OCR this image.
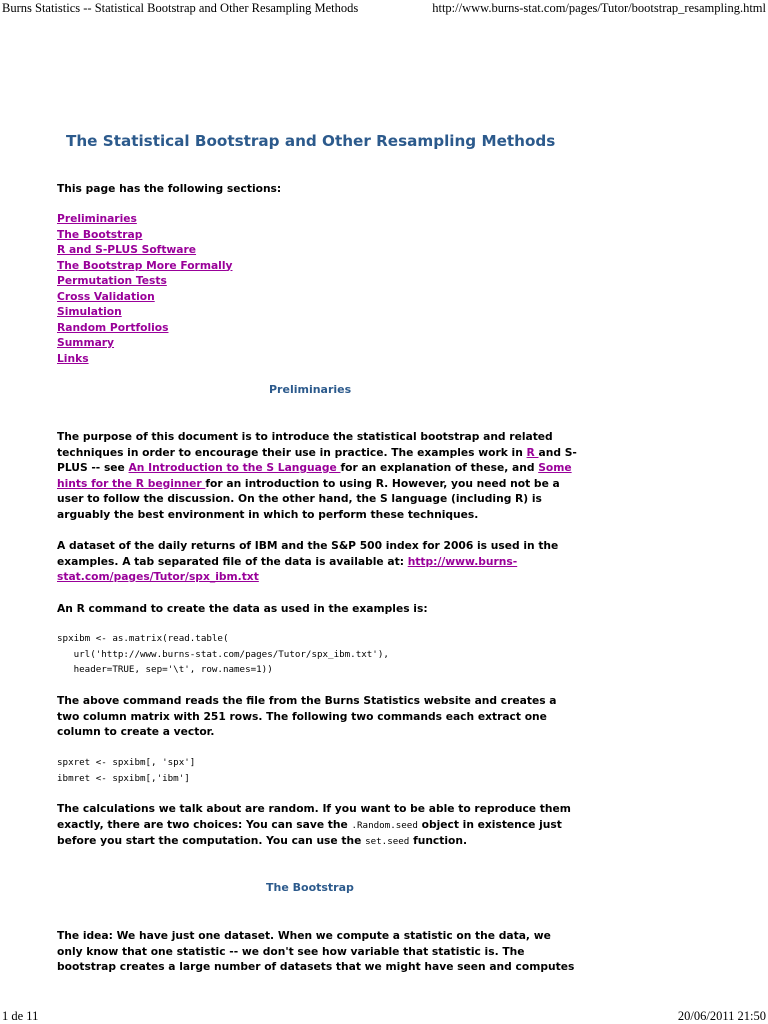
Burns Statistics -- Statistical Bootstrap and Other Resampling Methods	http://www.burns-stat.com/pages/Tutor/bootstrap_resampling.html
The Statistical Bootstrap and Other Resampling Methods

This page has the following sections:

Preliminaries
The Bootstrap
R and S-PLUS Software
The Bootstrap More Formally
Permutation Tests
Cross Validation
Simulation
Random Portfolios
Summary
Links
Preliminaries

The purpose of this document is to introduce the statistical bootstrap and related techniques in order to encourage their use in practice. The examples work in R and S-PLUS -- see An Introduction to the S Language for an explanation of these, and Some hints for the R beginner for an introduction to using R. However, you need not be a user to follow the discussion. On the other hand, the S language (including R) is arguably the best environment in which to perform these techniques.

A dataset of the daily returns of IBM and the S&P 500 index for 2006 is used in the examples. A tab separated file of the data is available at: http://www.burns-stat.com/pages/Tutor/spx_ibm.txt

An R command to create the data as used in the examples is:

spxibm <- as.matrix(read.table(
url('http://www.burns-stat.com/pages/Tutor/spx_ibm.txt'),
header=TRUE, sep='\t', row.names=1))

The above command reads the file from the Burns Statistics website and creates a two column matrix with 251 rows. The following two commands each extract one column to create a vector.

spxret <- spxibm[, 'spx']
ibmret <- spxibm[,'ibm']

The calculations we talk about are random. If you want to be able to reproduce them exactly, there are two choices: You can save the .Random.seed object in existence just before you start the computation. You can use the set.seed function.

The Bootstrap

The idea: We have just one dataset. When we compute a statistic on the data, we only know that one statistic -- we don't see how variable that statistic is. The bootstrap creates a large number of datasets that we might have seen and computes

1 de 11	20/06/2011 21:50
